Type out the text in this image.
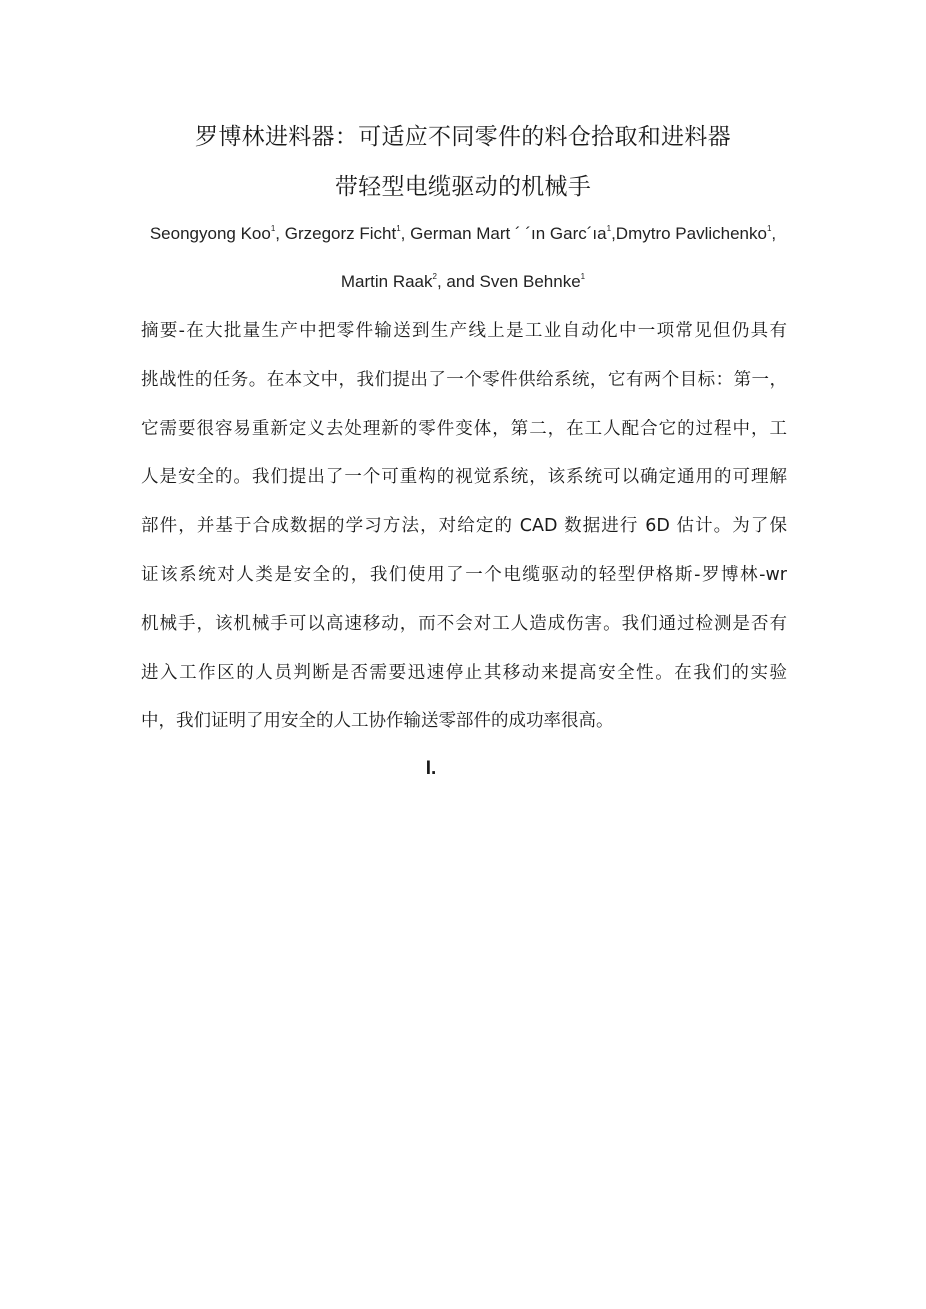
罗博林进料器：可适应不同零件的料仓拾取和进料器
带轻型电缆驱动的机械手
Seongyong Koo$^1$, Grzegorz Ficht$^1$, German Mart ´ ´ın $Garc´ıa^1,Dmytro$ Pavlichenko$^1$,
Martin Raak$^2$, and Sven Behnke$^1$
摘要-在大批量生产中把零件输送到生产线上是工业自动化中一项常见但仍具有
挑战性的任务。在本文中，我们提出了一个零件供给系统，它有两个目标：第一，
它需要很容易重新定义去处理新的零件变体，第二，在工人配合它的过程中，工
人是安全的。我们提出了一个可重构的视觉系统，该系统可以确定通用的可理解
部件，并基于合成数据的学习方法，对给定的 CAD 数据进行 6D 估计。为了保
证该系统对人类是安全的，我们使用了一个电缆驱动的轻型伊格斯-罗博林-wr
机械手，该机械手可以高速移动，而不会对工人造成伤害。我们通过检测是否有
进入工作区的人员判断是否需要迅速停止其移动来提高安全性。在我们的实验
中，我们证明了用安全的人工协作输送零部件的成功率很高。
I.
